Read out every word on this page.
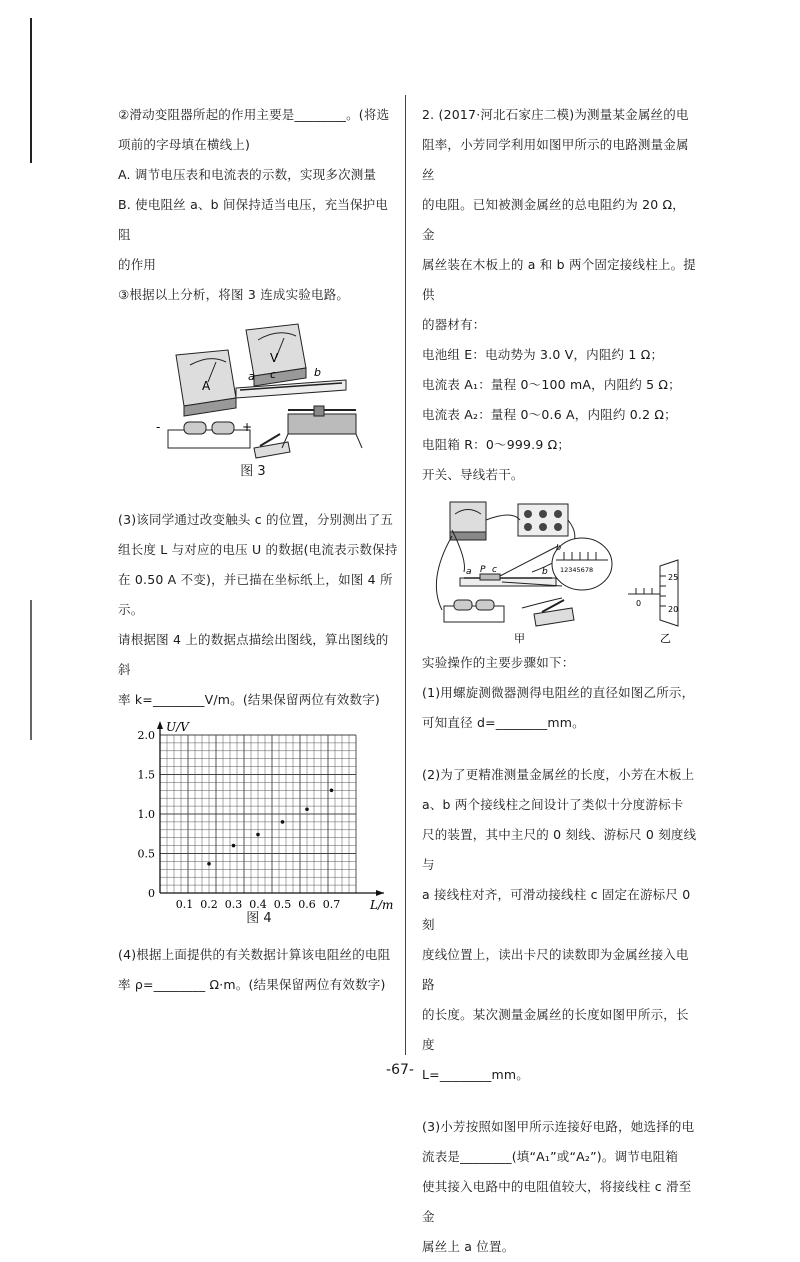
②滑动变阻器所起的作用主要是________。(将选

项前的字母填在横线上)

A. 调节电压表和电流表的示数，实现多次测量

B. 使电阻丝 a、b 间保持适当电压，充当保护电阻

的作用

③根据以上分析，将图 3 连成实验电路。

A
V
a c	b
-	+
图 3

(3)该同学通过改变触头 c 的位置，分别测出了五

组长度 L 与对应的电压 U 的数据(电流表示数保持

在 0.50 A 不变)，并已描在坐标纸上，如图 4 所示。

请根据图 4 上的数据点描绘出图线，算出图线的斜

率 k=________V/m。(结果保留两位有效数字)

U/V
L/m
0.1 0.2 0.3 0.4 0.5 0.6 0.7
0
0.5
1.0
1.5
2.0
图 4

(4)根据上面提供的有关数据计算该电阻丝的电阻

率 ρ=________ Ω·m。(结果保留两位有效数字)

2. (2017·河北石家庄二模)为测量某金属丝的电

阻率，小芳同学利用如图甲所示的电路测量金属丝

的电阻。已知被测金属丝的总电阻约为 20 Ω，金

属丝装在木板上的 a 和 b 两个固定接线柱上。提供

的器材有：

电池组 E：电动势为 3.0 V，内阻约 1 Ω；

电流表 A₁：量程 0～100 mA，内阻约 5 Ω；

电流表 A₂：量程 0～0.6 A，内阻约 0.2 Ω；

电阻箱 R：0～999.9 Ω；

开关、导线若干。

a P c	b 12345678
b
25
20
0
甲	乙

实验操作的主要步骤如下：

(1)用螺旋测微器测得电阻丝的直径如图乙所示，

可知直径 d=________mm。

(2)为了更精准测量金属丝的长度，小芳在木板上

a、b 两个接线柱之间设计了类似十分度游标卡

尺的装置，其中主尺的 0 刻线、游标尺 0 刻度线与

a 接线柱对齐，可滑动接线柱 c 固定在游标尺 0 刻

度线位置上，读出卡尺的读数即为金属丝接入电路

的长度。某次测量金属丝的长度如图甲所示，长度

L=________mm。

(3)小芳按照如图甲所示连接好电路，她选择的电

流表是________(填“A₁”或“A₂”)。调节电阻箱

使其接入电路中的电阻值较大，将接线柱 c 滑至金

属丝上 a 位置。

-67-
